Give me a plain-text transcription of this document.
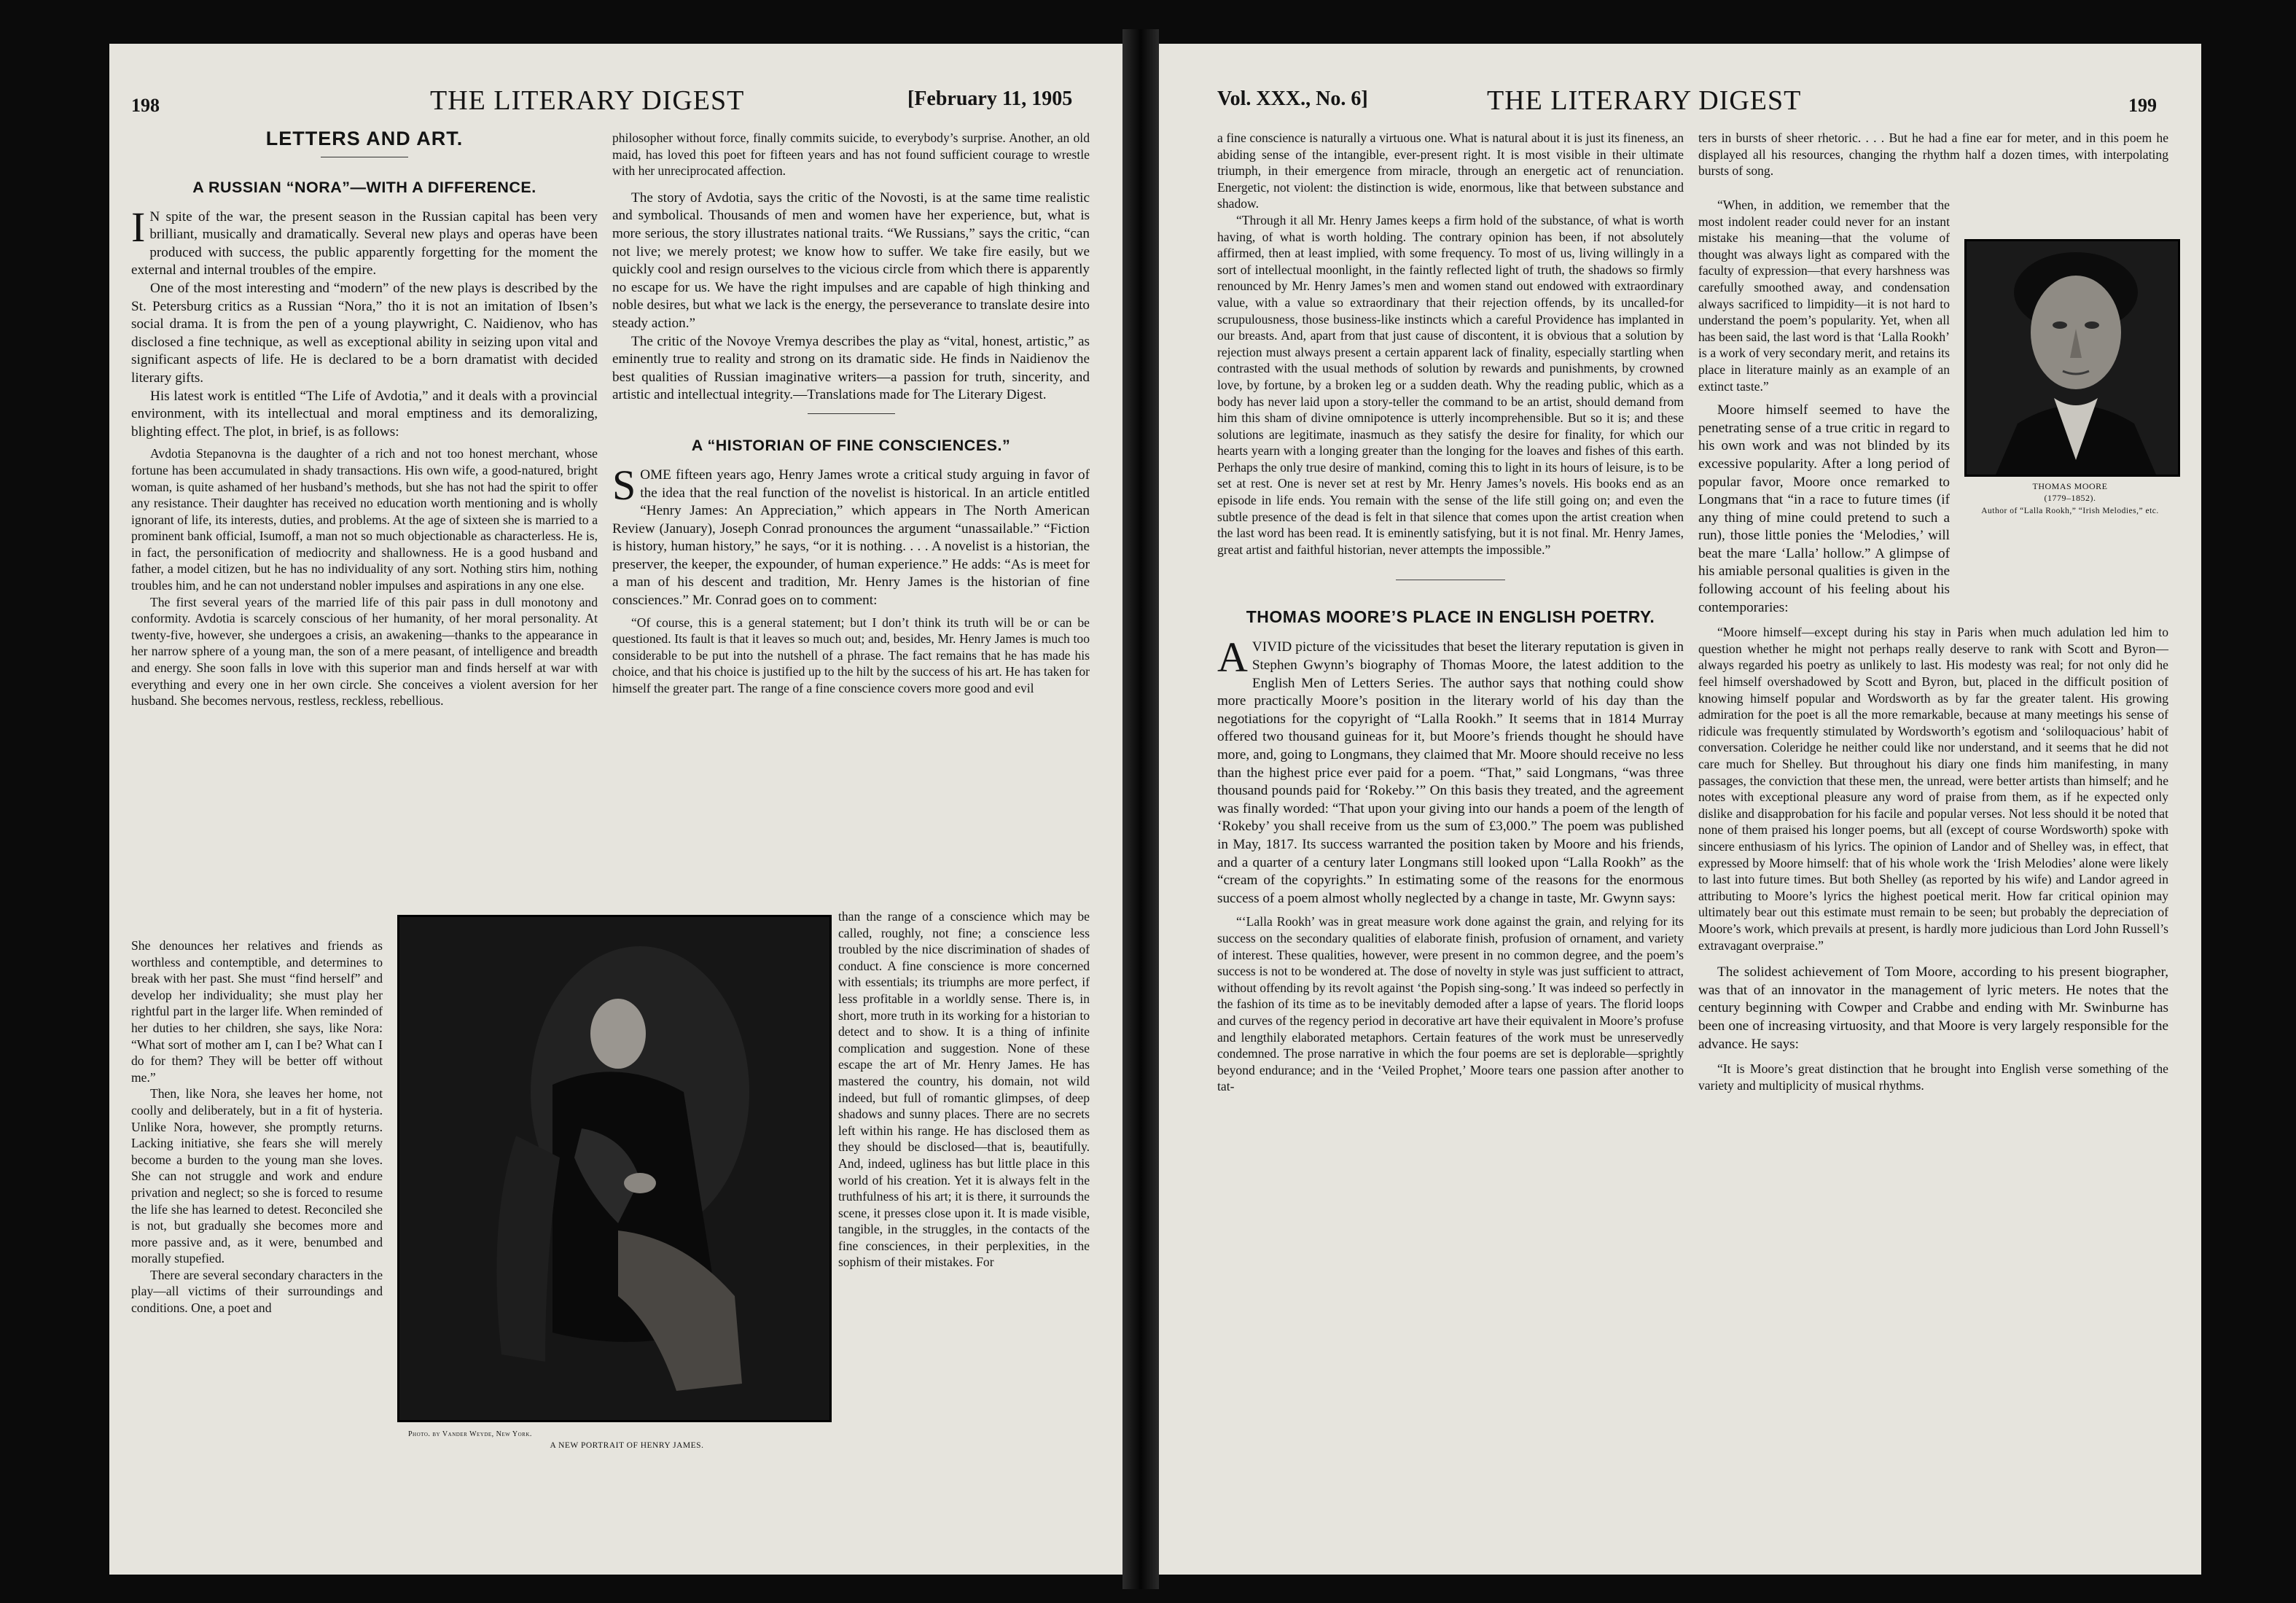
198	THE LITERARY DIGEST	[February 11, 1905
LETTERS AND ART.
A RUSSIAN “NORA”—WITH A DIFFERENCE.

I N spite of the war, the present season in the Russian capital has been very brilliant, musically and dramatically. Several new plays and operas have been produced with success, the public apparently forgetting for the moment the external and internal troubles of the empire.

One of the most interesting and “modern” of the new plays is described by the St. Petersburg critics as a Russian “Nora,” tho it is not an imitation of Ibsen’s social drama. It is from the pen of a young playwright, C. Naidienov, who has disclosed a fine technique, as well as exceptional ability in seizing upon vital and significant aspects of life. He is declared to be a born dramatist with decided literary gifts.

His latest work is entitled “The Life of Avdotia,” and it deals with a provincial environment, with its intellectual and moral emptiness and its demoralizing, blighting effect. The plot, in brief, is as follows:

Avdotia Stepanovna is the daughter of a rich and not too honest merchant, whose fortune has been accumulated in shady transactions. His own wife, a good-natured, bright woman, is quite ashamed of her husband’s methods, but she has not had the spirit to offer any resistance. Their daughter has received no education worth mentioning and is wholly ignorant of life, its interests, duties, and problems. At the age of sixteen she is married to a prominent bank official, Isumoff, a man not so much objectionable as characterless. He is, in fact, the personification of mediocrity and shallowness. He is a good husband and father, a model citizen, but he has no individuality of any sort. Nothing stirs him, nothing troubles him, and he can not understand nobler impulses and aspirations in any one else.

The first several years of the married life of this pair pass in dull monotony and conformity. Avdotia is scarcely conscious of her humanity, of her moral personality. At twenty-five, however, she undergoes a crisis, an awakening—thanks to the appearance in her narrow sphere of a young man, the son of a mere peasant, of intelligence and breadth and energy. She soon falls in love with this superior man and finds herself at war with everything and every one in her own circle. She conceives a violent aversion for her husband. She becomes nervous, restless, reckless, rebellious.

She denounces her relatives and friends as worthless and contemptible, and determines to break with her past. She must “find herself” and develop her individuality; she must play her rightful part in the larger life. When reminded of her duties to her children, she says, like Nora: “What sort of mother am I, can I be? What can I do for them? They will be better off without me.”

Then, like Nora, she leaves her home, not coolly and deliberately, but in a fit of hysteria. Unlike Nora, however, she promptly returns. Lacking initiative, she fears she will merely become a burden to the young man she loves. She can not struggle and work and endure privation and neglect; so she is forced to resume the life she has learned to detest. Reconciled she is not, but gradually she becomes more and more passive and, as it were, benumbed and morally stupefied.

There are several secondary characters in the play—all victims of their surroundings and conditions. One, a poet and

philosopher without force, finally commits suicide, to everybody’s surprise. Another, an old maid, has loved this poet for fifteen years and has not found sufficient courage to wrestle with her unreciprocated affection.

The story of Avdotia, says the critic of the Novosti, is at the same time realistic and symbolical. Thousands of men and women have her experience, but, what is more serious, the story illustrates national traits. “We Russians,” says the critic, “can not live; we merely protest; we know how to suffer. We take fire easily, but we quickly cool and resign ourselves to the vicious circle from which there is apparently no escape for us. We have the right impulses and are capable of high thinking and noble desires, but what we lack is the energy, the perseverance to translate desire into steady action.”

The critic of the Novoye Vremya describes the play as “vital, honest, artistic,” as eminently true to reality and strong on its dramatic side. He finds in Naidienov the best qualities of Russian imaginative writers—a passion for truth, sincerity, and artistic and intellectual integrity.—Translations made for The Literary Digest.

A “HISTORIAN OF FINE CONSCIENCES.”

SOME fifteen years ago, Henry James wrote a critical study arguing in favor of the idea that the real function of the novelist is historical. In an article entitled “Henry James: An Appreciation,” which appears in The North American Review (January), Joseph Conrad pronounces the argument “unassailable.” “Fiction is history, human history,” he says, “or it is nothing. . . . A novelist is a historian, the preserver, the keeper, the expounder, of human experience.” He adds: “As is meet for a man of his descent and tradition, Mr. Henry James is the historian of fine consciences.” Mr. Conrad goes on to comment:

“Of course, this is a general statement; but I don’t think its truth will be or can be questioned. Its fault is that it leaves so much out; and, besides, Mr. Henry James is much too considerable to be put into the nutshell of a phrase. The fact remains that he has made his choice, and that his choice is justified up to the hilt by the success of his art. He has taken for himself the greater part. The range of a fine conscience covers more good and evil

than the range of a conscience which may be called, roughly, not fine; a conscience less troubled by the nice discrimination of shades of conduct. A fine conscience is more concerned with essentials; its triumphs are more perfect, if less profitable in a worldly sense. There is, in short, more truth in its working for a historian to detect and to show. It is a thing of infinite complication and suggestion. None of these escape the art of Mr. Henry James. He has mastered the country, his domain, not wild indeed, but full of romantic glimpses, of deep shadows and sunny places. There are no secrets left within his range. He has disclosed them as they should be disclosed—that is, beautifully. And, indeed, ugliness has but little place in this world of his creation. Yet it is always felt in the truthfulness of his art; it is there, it surrounds the scene, it presses close upon it. It is made visible, tangible, in the struggles, in the contacts of the fine consciences, in their perplexities, in the sophism of their mistakes. For

Photo. by Vander Weyde, New York.
A NEW PORTRAIT OF HENRY JAMES.
Vol. XXX., No. 6]	THE LITERARY DIGEST	199

a fine conscience is naturally a virtuous one. What is natural about it is just its fineness, an abiding sense of the intangible, ever-present right. It is most visible in their ultimate triumph, in their emergence from miracle, through an energetic act of renunciation. Energetic, not violent: the distinction is wide, enormous, like that between substance and shadow.

“Through it all Mr. Henry James keeps a firm hold of the substance, of what is worth having, of what is worth holding. The contrary opinion has been, if not absolutely affirmed, then at least implied, with some frequency. To most of us, living willingly in a sort of intellectual moonlight, in the faintly reflected light of truth, the shadows so firmly renounced by Mr. Henry James’s men and women stand out endowed with extraordinary value, with a value so extraordinary that their rejection offends, by its uncalled-for scrupulousness, those business-like instincts which a careful Providence has implanted in our breasts. And, apart from that just cause of discontent, it is obvious that a solution by rejection must always present a certain apparent lack of finality, especially startling when contrasted with the usual methods of solution by rewards and punishments, by crowned love, by fortune, by a broken leg or a sudden death. Why the reading public, which as a body has never laid upon a story-teller the command to be an artist, should demand from him this sham of divine omnipotence is utterly incomprehensible. But so it is; and these solutions are legitimate, inasmuch as they satisfy the desire for finality, for which our hearts yearn with a longing greater than the longing for the loaves and fishes of this earth. Perhaps the only true desire of mankind, coming this to light in its hours of leisure, is to be set at rest. One is never set at rest by Mr. Henry James’s novels. His books end as an episode in life ends. You remain with the sense of the life still going on; and even the subtle presence of the dead is felt in that silence that comes upon the artist creation when the last word has been read. It is eminently satisfying, but it is not final. Mr. Henry James, great artist and faithful historian, never attempts the impossible.”

THOMAS MOORE’S PLACE IN ENGLISH POETRY.

AVIVID picture of the vicissitudes that beset the literary reputation is given in Stephen Gwynn’s biography of Thomas Moore, the latest addition to the English Men of Letters Series. The author says that nothing could show more practically Moore’s position in the literary world of his day than the negotiations for the copyright of “Lalla Rookh.” It seems that in 1814 Murray offered two thousand guineas for it, but Moore’s friends thought he should have more, and, going to Longmans, they claimed that Mr. Moore should receive no less than the highest price ever paid for a poem. “That,” said Longmans, “was three thousand pounds paid for ‘Rokeby.’” On this basis they treated, and the agreement was finally worded: “That upon your giving into our hands a poem of the length of ‘Rokeby’ you shall receive from us the sum of £3,000.” The poem was published in May, 1817. Its success warranted the position taken by Moore and his friends, and a quarter of a century later Longmans still looked upon “Lalla Rookh” as the “cream of the copyrights.” In estimating some of the reasons for the enormous success of a poem almost wholly neglected by a change in taste, Mr. Gwynn says:

“‘Lalla Rookh’ was in great measure work done against the grain, and relying for its success on the secondary qualities of elaborate finish, profusion of ornament, and variety of interest. These qualities, however, were present in no common degree, and the poem’s success is not to be wondered at. The dose of novelty in style was just sufficient to attract, without offending by its revolt against ‘the Popish sing-song.’ It was indeed so perfectly in the fashion of its time as to be inevitably demoded after a lapse of years. The florid loops and curves of the regency period in decorative art have their equivalent in Moore’s profuse and lengthily elaborated metaphors. Certain features of the work must be unreservedly condemned. The prose narrative in which the four poems are set is deplorable—sprightly beyond endurance; and in the ‘Veiled Prophet,’ Moore tears one passion after another to tat-

ters in bursts of sheer rhetoric. . . . But he had a fine ear for meter, and in this poem he displayed all his resources, changing the rhythm half a dozen times, with interpolating bursts of song.

“When, in addition, we remember that the most indolent reader could never for an instant mistake his meaning—that the volume of thought was always light as compared with the faculty of expression—that every harshness was carefully smoothed away, and condensation always sacrificed to limpidity—it is not hard to understand the poem’s popularity. Yet, when all has been said, the last word is that ‘Lalla Rookh’ is a work of very secondary merit, and retains its place in literature mainly as an example of an extinct taste.”

Moore himself seemed to have the penetrating sense of a true critic in regard to his own work and was not blinded by its excessive popularity. After a long period of popular favor, Moore once remarked to Longmans that “in a race to future times (if any thing of mine could pretend to such a run), those little ponies the ‘Melodies,’ will beat the mare ‘Lalla’ hollow.” A glimpse of his amiable personal qualities is given in the following account of his feeling about his contemporaries:

“Moore himself—except during his stay in Paris when much adulation led him to question whether he might not perhaps really deserve to rank with Scott and Byron—always regarded his poetry as unlikely to last. His modesty was real; for not only did he feel himself overshadowed by Scott and Byron, but, placed in the difficult position of knowing himself popular and Wordsworth as by far the greater talent. His growing admiration for the poet is all the more remarkable, because at many meetings his sense of ridicule was frequently stimulated by Wordsworth’s egotism and ‘soliloquacious’ habit of conversation. Coleridge he neither could like nor understand, and it seems that he did not care much for Shelley. But throughout his diary one finds him manifesting, in many passages, the conviction that these men, the unread, were better artists than himself; and he notes with exceptional pleasure any word of praise from them, as if he expected only dislike and disapprobation for his facile and popular verses. Not less should it be noted that none of them praised his longer poems, but all (except of course Wordsworth) spoke with sincere enthusiasm of his lyrics. The opinion of Landor and of Shelley was, in effect, that expressed by Moore himself: that of his whole work the ‘Irish Melodies’ alone were likely to last into future times. But both Shelley (as reported by his wife) and Landor agreed in attributing to Moore’s lyrics the highest poetical merit. How far critical opinion may ultimately bear out this estimate must remain to be seen; but probably the depreciation of Moore’s work, which prevails at present, is hardly more judicious than Lord John Russell’s extravagant overpraise.”

The solidest achievement of Tom Moore, according to his present biographer, was that of an innovator in the management of lyric meters. He notes that the century beginning with Cowper and Crabbe and ending with Mr. Swinburne has been one of increasing virtuosity, and that Moore is very largely responsible for the advance. He says:

“It is Moore’s great distinction that he brought into English verse something of the variety and multiplicity of musical rhythms.

THOMAS MOORE
(1779–1852).
Author of “Lalla Rookh,” “Irish Melodies,” etc.
